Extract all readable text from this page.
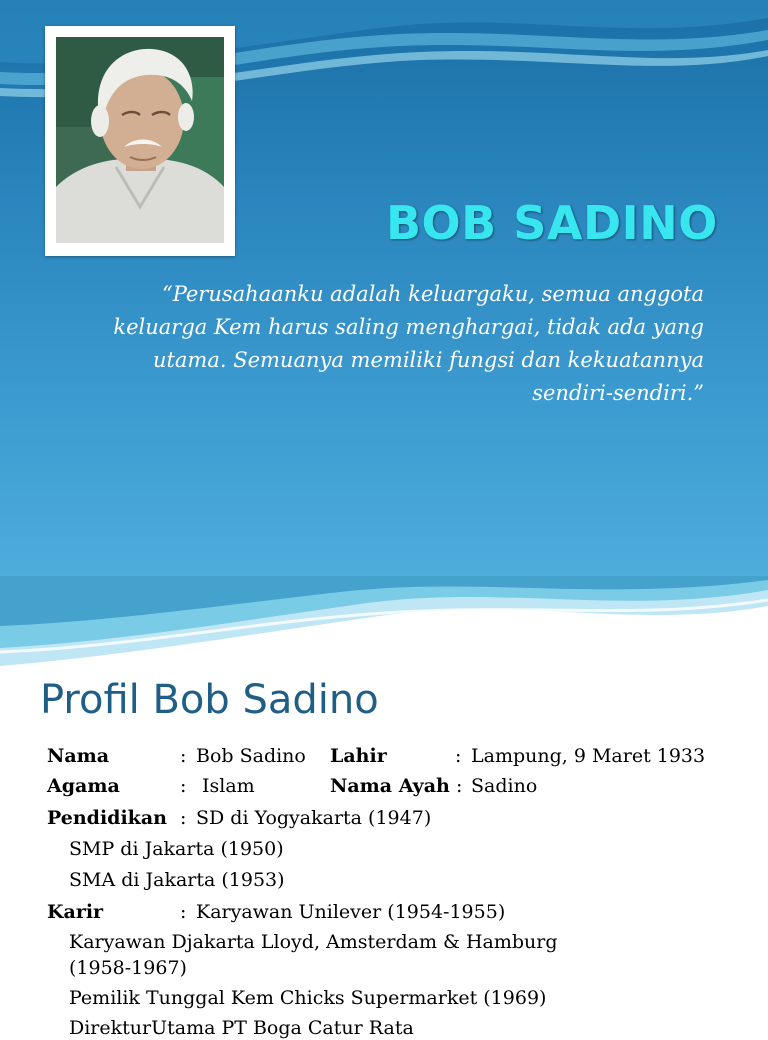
BOB SADINO
“Perusahaanku adalah keluargaku, semua anggota
keluarga Kem harus saling menghargai, tidak ada yang
utama. Semuanya memiliki fungsi dan kekuatannya
sendiri-sendiri.”
Profil Bob Sadino
Nama	: Bob Sadino Lahir	: Lampung, 9 Maret 1933
Agama	: Islam	Nama Ayah : Sadino
Pendidikan : SD di Yogyakarta (1947)
SMP di Jakarta (1950)
SMA di Jakarta (1953)
Karir	: Karyawan Unilever (1954-1955)
Karyawan Djakarta Lloyd, Amsterdam & Hamburg
(1958-1967)
Pemilik Tunggal Kem Chicks Supermarket (1969)
DirekturUtama PT Boga Catur Rata
